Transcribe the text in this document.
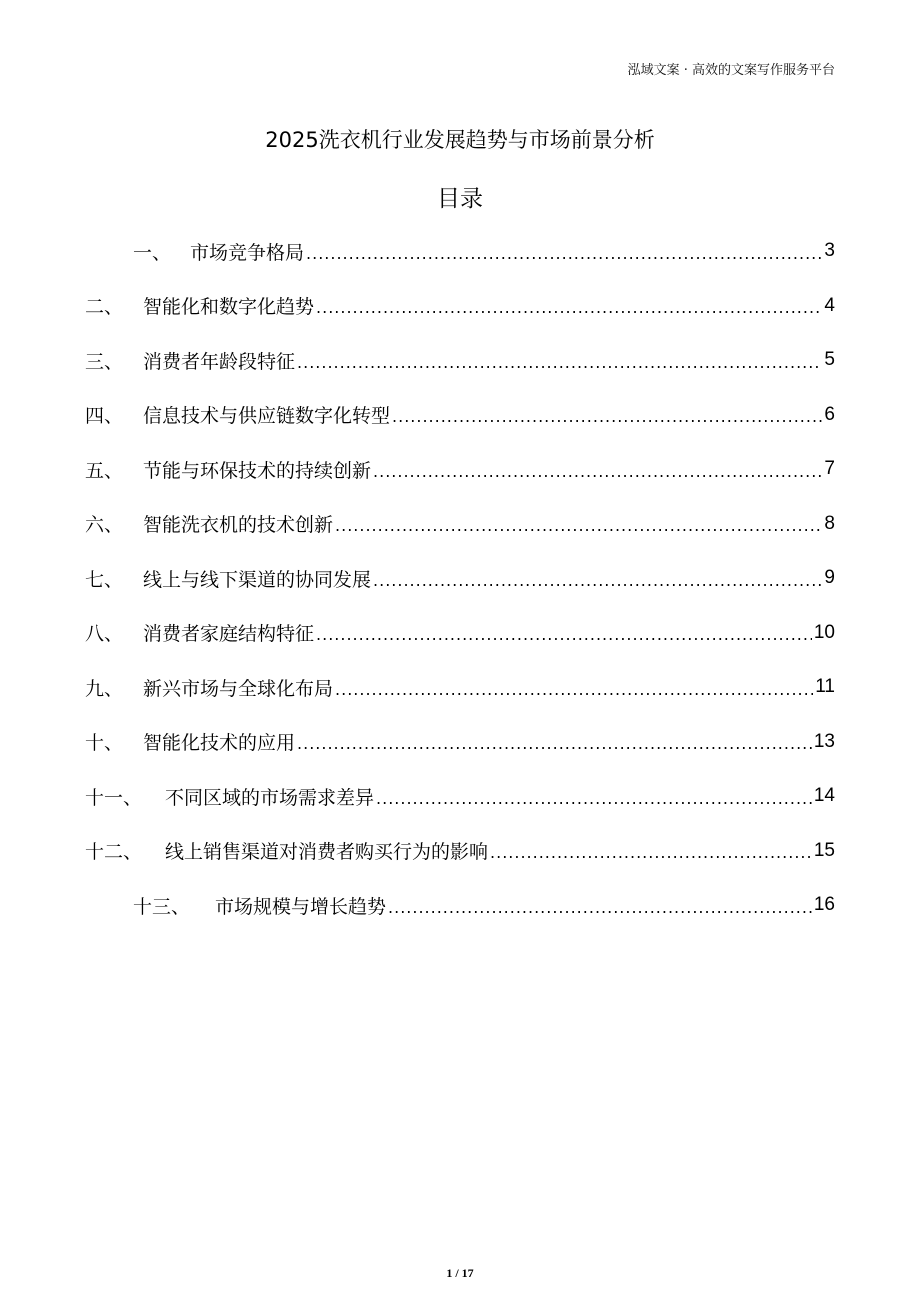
泓域文案 · 高效的文案写作服务平台
2025洗衣机行业发展趋势与市场前景分析
目录
一、 市场竞争格局 .....	3
二、	智能化和数字化趋势 .....	4
三、	消费者年龄段特征 .....	5
四、	信息技术与供应链数字化转型 .....	6
五、	节能与环保技术的持续创新 .....	7
六、	智能洗衣机的技术创新 .....	8
七、	线上与线下渠道的协同发展 .....	9
八、	消费者家庭结构特征 .....	10
九、	新兴市场与全球化布局 .....	11
十、	智能化技术的应用 .....	13
十一、	不同区域的市场需求差异 .....	14
十二、	线上销售渠道对消费者购买行为的影响 .....	15
十三、	市场规模与增长趋势 .....	16
1 / 17
